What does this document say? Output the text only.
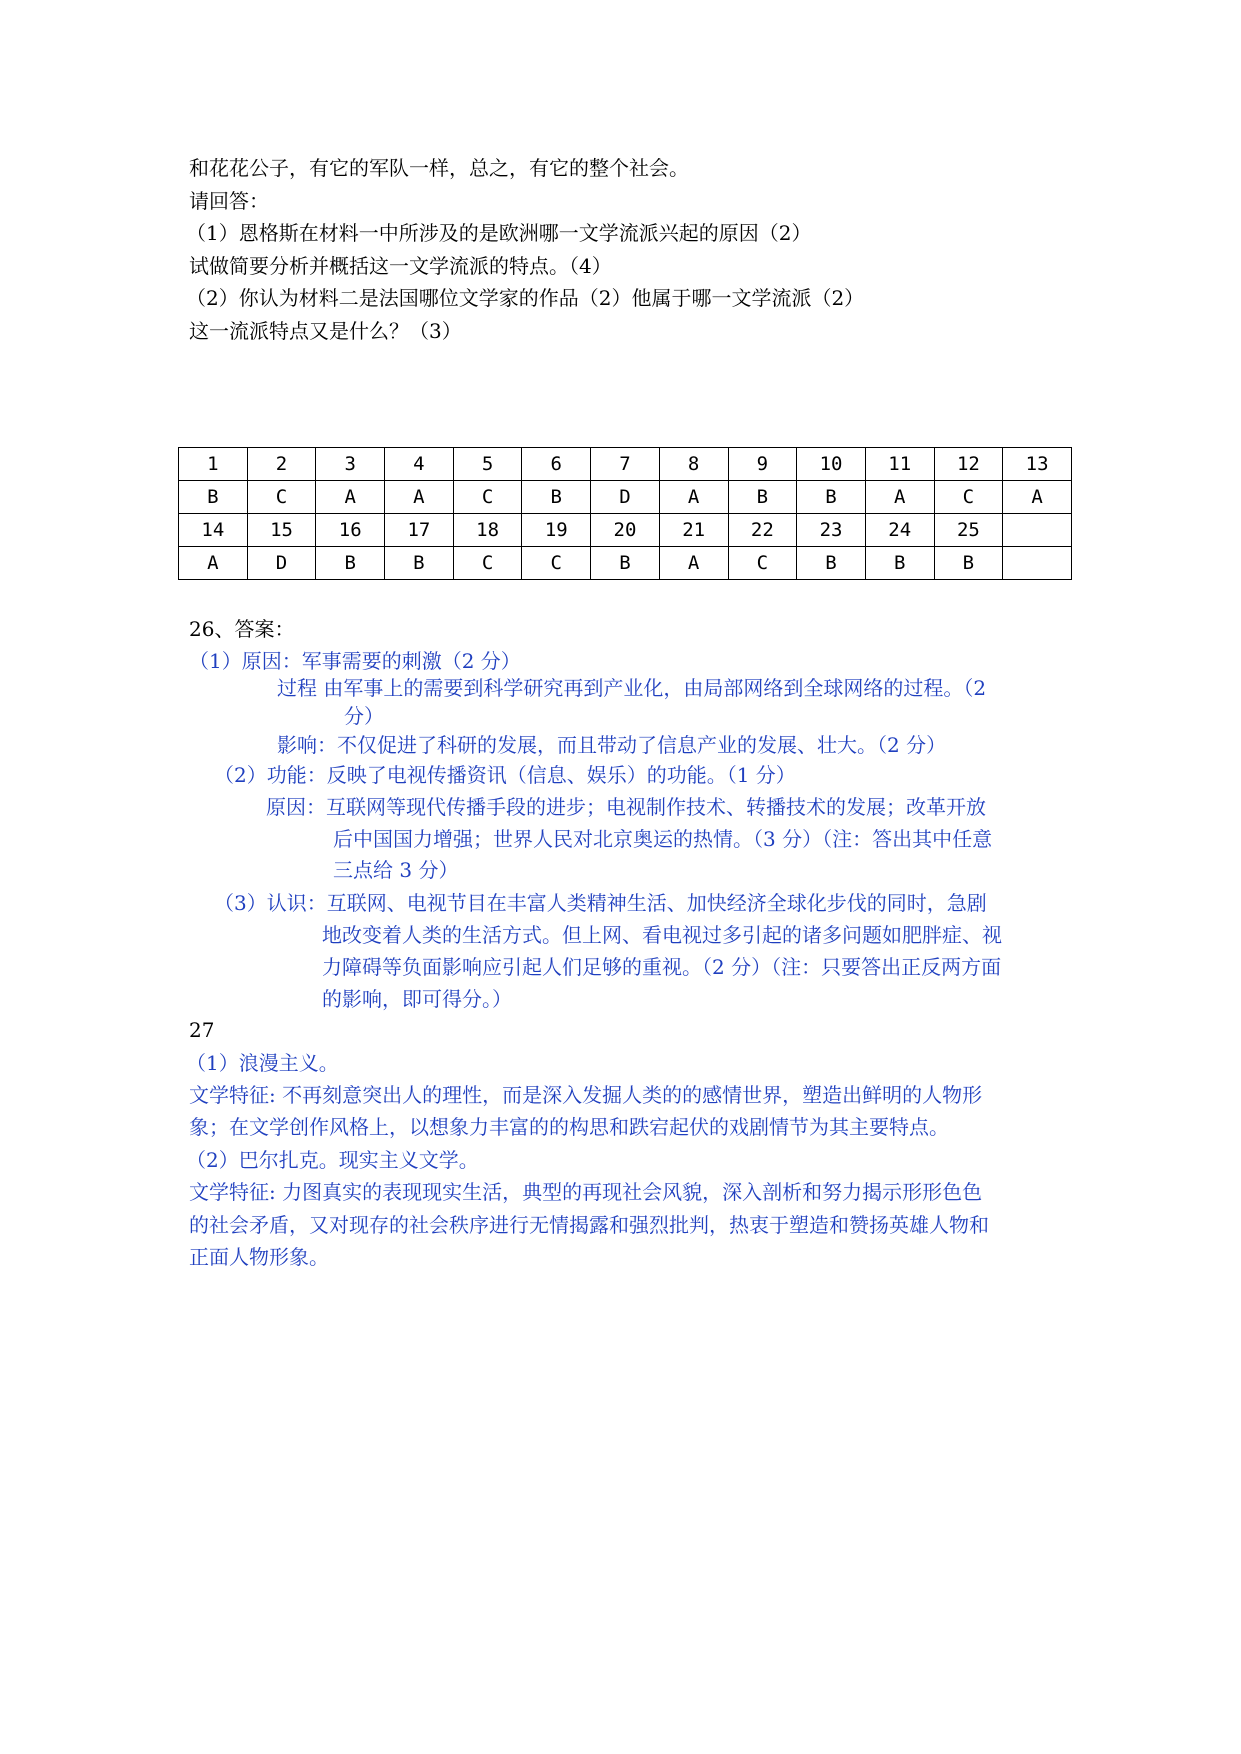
和花花公子，有它的军队一样，总之，有它的整个社会。
请回答：
（1）恩格斯在材料一中所涉及的是欧洲哪一文学流派兴起的原因（2）
试做简要分析并概括这一文学流派的特点。（4）
（2）你认为材料二是法国哪位文学家的作品（2）他属于哪一文学流派（2）
这一流派特点又是什么？（3）
1	2	3	4	5	6	7	8	9	10	11	12	13
B	C	A	A	C	B	D	A	B	B	A	C	A
14	15	16	17	18	19	20	21	22	23	24	25	
A	D	B	B	C	C	B	A	C	B	B	B	
26、答案：
（1）原因：军事需要的刺激（2 分）
过程 由军事上的需要到科学研究再到产业化，由局部网络到全球网络的过程。（2
分）
影响：不仅促进了科研的发展，而且带动了信息产业的发展、壮大。（2 分）
（2）功能：反映了电视传播资讯（信息、娱乐）的功能。（1 分）
原因：互联网等现代传播手段的进步；电视制作技术、转播技术的发展；改革开放
后中国国力增强；世界人民对北京奥运的热情。（3 分）（注：答出其中任意
三点给 3 分）
（3）认识：互联网、电视节目在丰富人类精神生活、加快经济全球化步伐的同时，急剧
地改变着人类的生活方式。但上网、看电视过多引起的诸多问题如肥胖症、视
力障碍等负面影响应引起人们足够的重视。（2 分）（注：只要答出正反两方面
的影响，即可得分。）
27
（1）浪漫主义。
文学特征: 不再刻意突出人的理性，而是深入发掘人类的的感情世界，塑造出鲜明的人物形
象；在文学创作风格上，以想象力丰富的的构思和跌宕起伏的戏剧情节为其主要特点。
（2）巴尔扎克。现实主义文学。
文学特征: 力图真实的表现现实生活，典型的再现社会风貌，深入剖析和努力揭示形形色色
的社会矛盾，又对现存的社会秩序进行无情揭露和强烈批判，热衷于塑造和赞扬英雄人物和
正面人物形象。
